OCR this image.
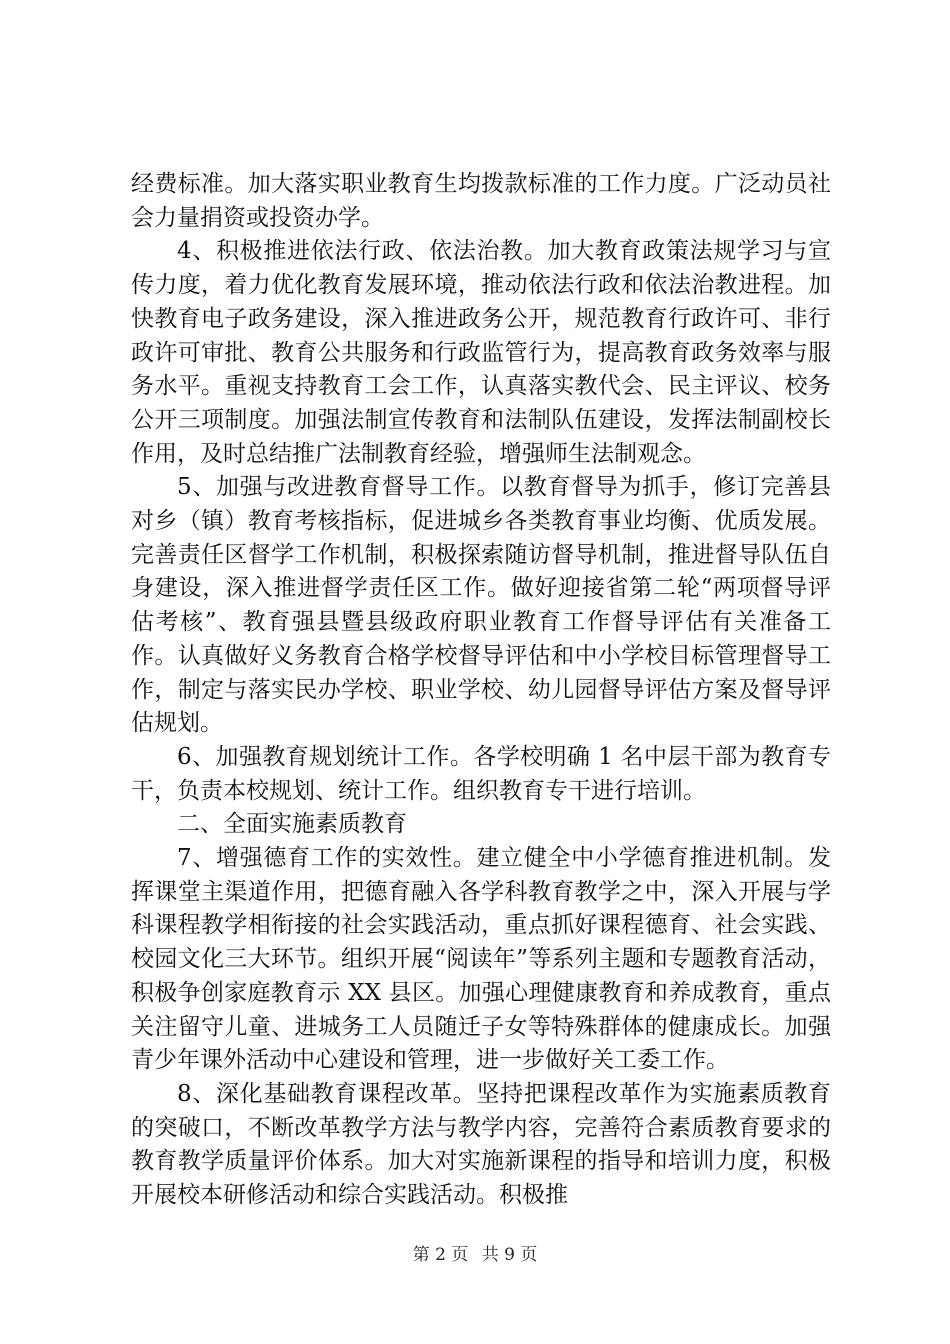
经费标准。加大落实职业教育生均拨款标准的工作力度。广泛动员社会力量捐资或投资办学。

4、积极推进依法行政、依法治教。加大教育政策法规学习与宣传力度，着力优化教育发展环境，推动依法行政和依法治教进程。加快教育电子政务建设，深入推进政务公开，规范教育行政许可、非行政许可审批、教育公共服务和行政监管行为，提高教育政务效率与服务水平。重视支持教育工会工作，认真落实教代会、民主评议、校务公开三项制度。加强法制宣传教育和法制队伍建设，发挥法制副校长作用，及时总结推广法制教育经验，增强师生法制观念。

5、加强与改进教育督导工作。以教育督导为抓手，修订完善县对乡（镇）教育考核指标，促进城乡各类教育事业均衡、优质发展。完善责任区督学工作机制，积极探索随访督导机制，推进督导队伍自身建设，深入推进督学责任区工作。做好迎接省第二轮“两项督导评估考核”、教育强县暨县级政府职业教育工作督导评估有关准备工作。认真做好义务教育合格学校督导评估和中小学校目标管理督导工作，制定与落实民办学校、职业学校、幼儿园督导评估方案及督导评估规划。

6、加强教育规划统计工作。各学校明确 1 名中层干部为教育专干，负责本校规划、统计工作。组织教育专干进行培训。

二、全面实施素质教育

7、增强德育工作的实效性。建立健全中小学德育推进机制。发挥课堂主渠道作用，把德育融入各学科教育教学之中，深入开展与学科课程教学相衔接的社会实践活动，重点抓好课程德育、社会实践、校园文化三大环节。组织开展“阅读年”等系列主题和专题教育活动，积极争创家庭教育示 XX 县区。加强心理健康教育和养成教育，重点关注留守儿童、进城务工人员随迁子女等特殊群体的健康成长。加强青少年课外活动中心建设和管理，进一步做好关工委工作。

8、深化基础教育课程改革。坚持把课程改革作为实施素质教育的突破口，不断改革教学方法与教学内容，完善符合素质教育要求的教育教学质量评价体系。加大对实施新课程的指导和培训力度，积极开展校本研修活动和综合实践活动。积极推

第 2 页 共 9 页
